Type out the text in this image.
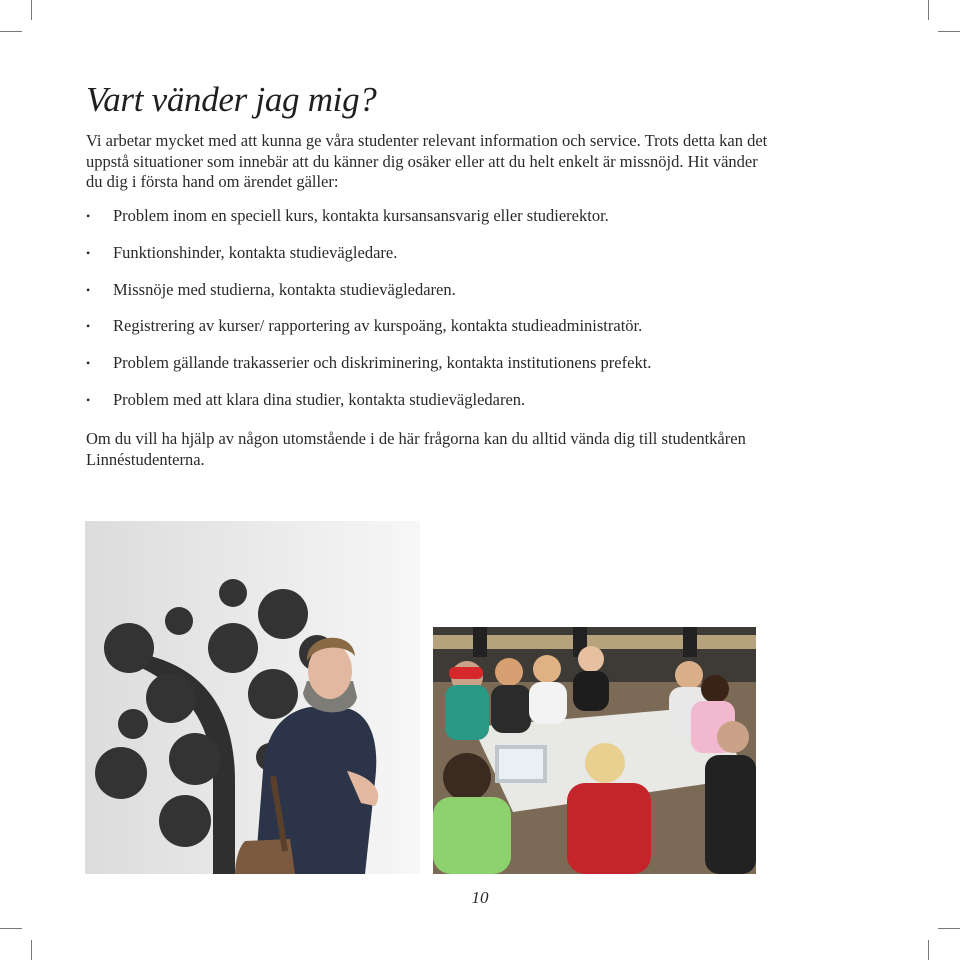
Vart vänder jag mig?

Vi arbetar mycket med att kunna ge våra studenter relevant information och service. Trots detta kan det uppstå situationer som innebär att du känner dig osäker eller att du helt enkelt är missnöjd. Hit vänder du dig i första hand om ärendet gäller:

• Problem inom en speciell kurs, kontakta kursansansvarig eller studierektor.
• Funktionshinder, kontakta studievägledare.
• Missnöje med studierna, kontakta studievägledaren.
• Registrering av kurser/ rapportering av kurspoäng, kontakta studieadministratör.
• Problem gällande trakasserier och diskriminering, kontakta institutionens prefekt.
• Problem med att klara dina studier, kontakta studievägledaren.

Om du vill ha hjälp av någon utomstående i de här frågorna kan du alltid vända dig till studentkåren Linnéstudenterna.

10
